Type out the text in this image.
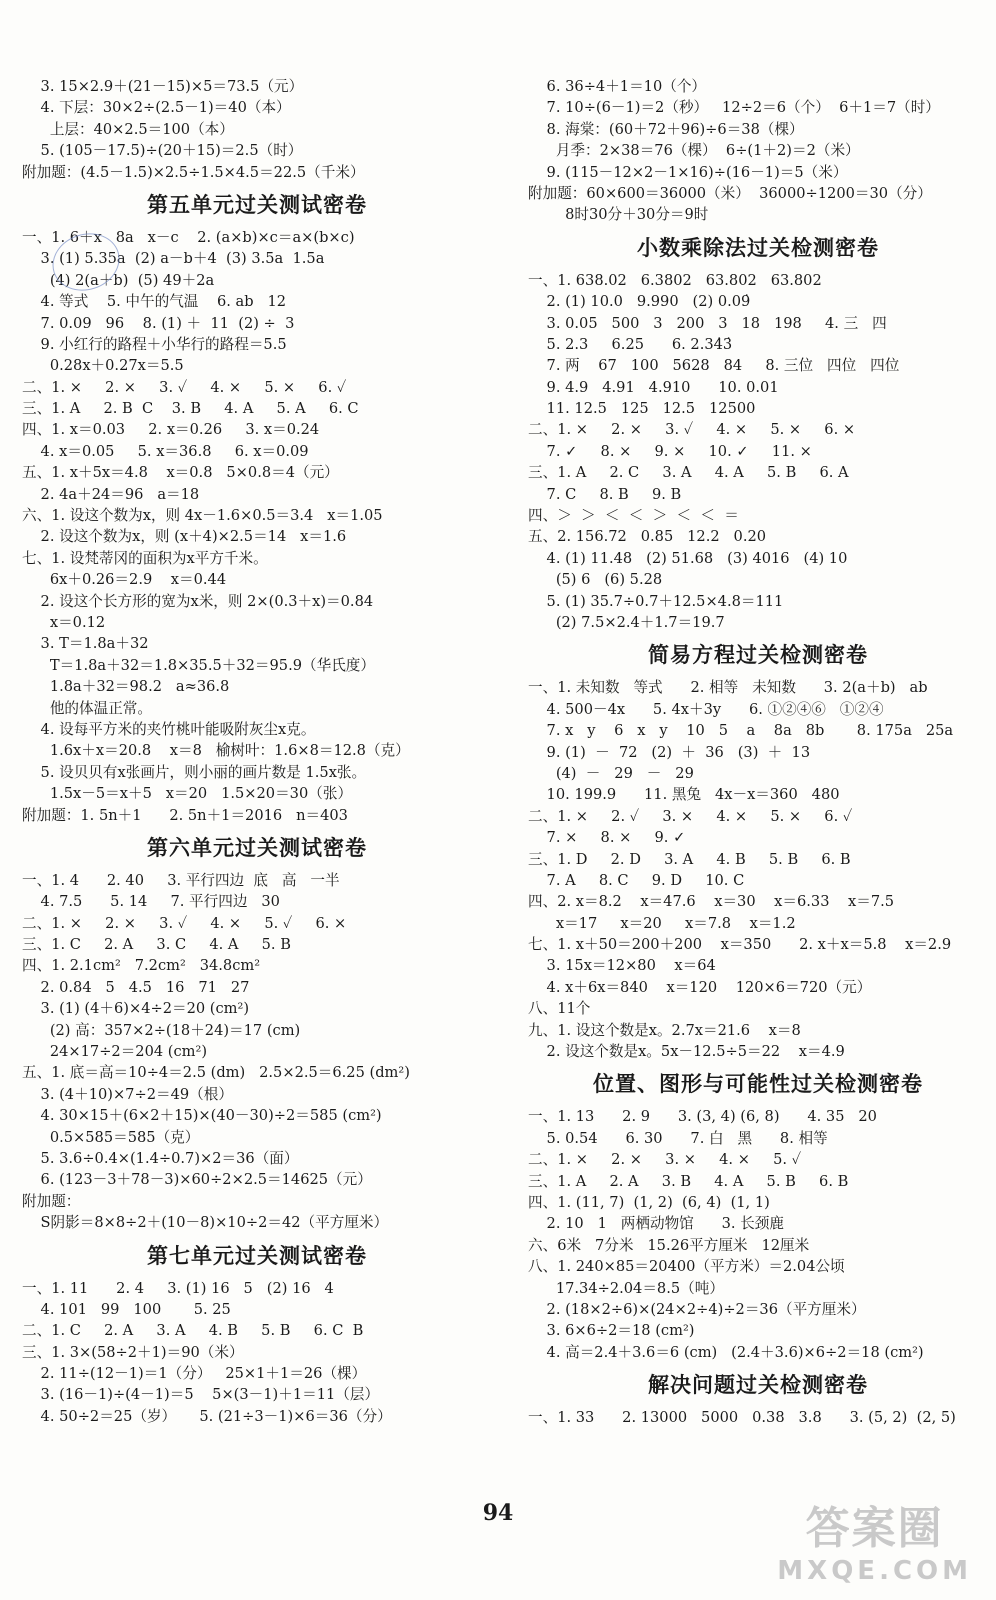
3. 15×2.9＋(21－15)×5＝73.5（元）
4. 下层：30×2÷(2.5－1)＝40（本）
上层：40×2.5＝100（本）
5. (105－17.5)÷(20＋15)＝2.5（时）
附加题：(4.5－1.5)×2.5÷1.5×4.5＝22.5（千米）
第五单元过关测试密卷
一、1. 6＋x   8a   x－c    2. (a×b)×c＝a×(b×c)
3. (1) 5.35a  (2) a－b＋4  (3) 3.5a  1.5a
(4) 2(a＋b)  (5) 49＋2a
4. 等式    5. 中午的气温    6. ab   12
7. 0.09   96    8. (1) ＋  11  (2) ÷  3
9. 小红行的路程＋小华行的路程＝5.5
0.28x＋0.27x＝5.5
二、1. ×     2. ×     3. ✓     4. ×     5. ×     6. ✓
三、1. A     2. B  C    3. B     4. A     5. A     6. C
四、1. x＝0.03     2. x＝0.26     3. x＝0.24
4. x＝0.05     5. x＝36.8     6. x＝0.09
五、1. x＋5x＝4.8    x＝0.8   5×0.8＝4（元）
2. 4a＋24＝96   a＝18
六、1. 设这个数为x，则 4x－1.6×0.5＝3.4   x＝1.05
2. 设这个数为x，则 (x＋4)×2.5＝14   x＝1.6
七、1. 设梵蒂冈的面积为x平方千米。
6x＋0.26＝2.9    x＝0.44
2. 设这个长方形的宽为x米，则 2×(0.3＋x)＝0.84
x＝0.12
3. T＝1.8a＋32
T＝1.8a＋32＝1.8×35.5＋32＝95.9（华氏度）
1.8a＋32＝98.2   a≈36.8
他的体温正常。
4. 设每平方米的夹竹桃叶能吸附灰尘x克。
1.6x＋x＝20.8    x＝8   榆树叶：1.6×8＝12.8（克）
5. 设贝贝有x张画片，则小丽的画片数是 1.5x张。
1.5x－5＝x＋5   x＝20   1.5×20＝30（张）
附加题：1. 5n＋1      2. 5n＋1＝2016   n＝403
第六单元过关测试密卷
一、1. 4      2. 40     3. 平行四边  底   高   一半
4. 7.5      5. 14     7. 平行四边   30
二、1. ×     2. ×     3. ✓     4. ×     5. ✓     6. ×
三、1. C     2. A     3. C     4. A     5. B
四、1. 2.1cm²   7.2cm²   34.8cm²
2. 0.84   5   4.5   16   71   27
3. (1) (4＋6)×4÷2＝20 (cm²)
(2) 高：357×2÷(18＋24)＝17 (cm)
24×17÷2＝204 (cm²)
五、1. 底＝高＝10÷4＝2.5 (dm)   2.5×2.5＝6.25 (dm²)
3. (4＋10)×7÷2＝49（根）
4. 30×15＋(6×2＋15)×(40－30)÷2＝585 (cm²)
0.5×585＝585（克）
5. 3.6÷0.4×(1.4÷0.7)×2＝36（面）
6. (123－3＋78－3)×60÷2×2.5＝14625（元）
附加题：
S阴影＝8×8÷2＋(10－8)×10÷2＝42（平方厘米）
第七单元过关测试密卷
一、1. 11      2. 4     3. (1) 16   5   (2) 16   4
4. 101   99   100       5. 25
二、1. C     2. A     3. A     4. B     5. B     6. C  B
三、1. 3×(58÷2＋1)＝90（米）
2. 11÷(12－1)＝1（分）   25×1＋1＝26（棵）
3. (16－1)÷(4－1)＝5    5×(3－1)＋1＝11（层）
4. 50÷2＝25（岁）     5. (21÷3－1)×6＝36（分）
6. 36÷4＋1＝10（个）
7. 10÷(6－1)＝2（秒）   12÷2＝6（个）  6＋1＝7（时）
8. 海棠：(60＋72＋96)÷6＝38（棵）
月季：2×38＝76（棵）  6÷(1＋2)＝2（米）
9. (115－12×2－1×16)÷(16－1)＝5（米）
附加题：60×600＝36000（米）  36000÷1200＝30（分）
8时30分＋30分＝9时
小数乘除法过关检测密卷
一、1. 638.02   6.3802   63.802   63.802
2. (1) 10.0   9.990   (2) 0.09̇
3. 0.05   500   3   200   3   18   198     4. 三   四
5. 2.3     6.25      6. 2.34̇3̇
7. 两    67   100   5628   84     8. 三位   四位   四位
9. 4.9   4.91   4.910      10. 0.01
11. 12.5   125   12.5   12500
二、1. ×     2. ×     3. ✓     4. ×     5. ×     6. ×
7. ✓     8. ×     9. ×     10. ✓     11. ×
三、1. A     2. C     3. A     4. A     5. B     6. A
7. C     8. B     9. B
四、＞  ＞  ＜  ＜  ＞  ＜  ＜  ＝
五、2. 156.72   0.85   12.2   0.20
4. (1) 11.48   (2) 51.68   (3) 4016   (4) 10
(5) 6   (6) 5.28
5. (1) 35.7÷0.7＋12.5×4.8＝111
(2) 7.5×2.4＋1.7＝19.7
简易方程过关检测密卷
一、1. 未知数   等式      2. 相等   未知数      3. 2(a＋b)   ab
4. 500－4x      5. 4x＋3y      6. ①②④⑥   ①②④
7. x   y    6   x   y    10   5    a    8a   8b       8. 175a   25a
9. (1)  －  72   (2)  ＋  36   (3)  ＋  13
(4)  －   29   －   29
10. 199.9      11. 黑兔   4x－x＝360   480
二、1. ×     2. ✓     3. ×     4. ×     5. ×     6. ✓
7. ×     8. ×     9. ✓
三、1. D     2. D     3. A     4. B     5. B     6. B
7. A     8. C     9. D     10. C
四、2. x＝8.2    x＝47.6    x＝30    x＝6.33    x＝7.5
x＝17     x＝20     x＝7.8    x＝1.2
七、1. x＋50＝200＋200    x＝350      2. x＋x＝5.8    x＝2.9
3. 15x＝12×80    x＝64
4. x＋6x＝840    x＝120    120×6＝720（元）
八、11个
九、1. 设这个数是x。2.7x＝21.6    x＝8
2. 设这个数是x。5x－12.5÷5＝22    x＝4.9
位置、图形与可能性过关检测密卷
一、1. 13      2. 9      3. (3, 4) (6, 8)      4. 35   20
5. 0.54      6. 30      7. 白   黑      8. 相等
二、1. ×     2. ×     3. ×     4. ×     5. ✓
三、1. A     2. A     3. B     4. A     5. B     6. B
四、1. (11, 7)  (1, 2)  (6, 4)  (1, 1)
2. 10   1   两栖动物馆      3. 长颈鹿
六、6米   7分米   15.26平方厘米   12厘米
八、1. 240×85＝20400（平方米）＝2.04公顷
17.34÷2.04＝8.5（吨）
2. (18×2÷6)×(24×2÷4)÷2＝36（平方厘米）
3. 6×6÷2＝18 (cm²)
4. 高＝2.4＋3.6＝6 (cm)   (2.4＋3.6)×6÷2＝18 (cm²)
解决问题过关检测密卷
一、1. 33      2. 13000   5000   0.38   3.8      3. (5, 2)  (2, 5)
94	答案圈
MXQE.COM
